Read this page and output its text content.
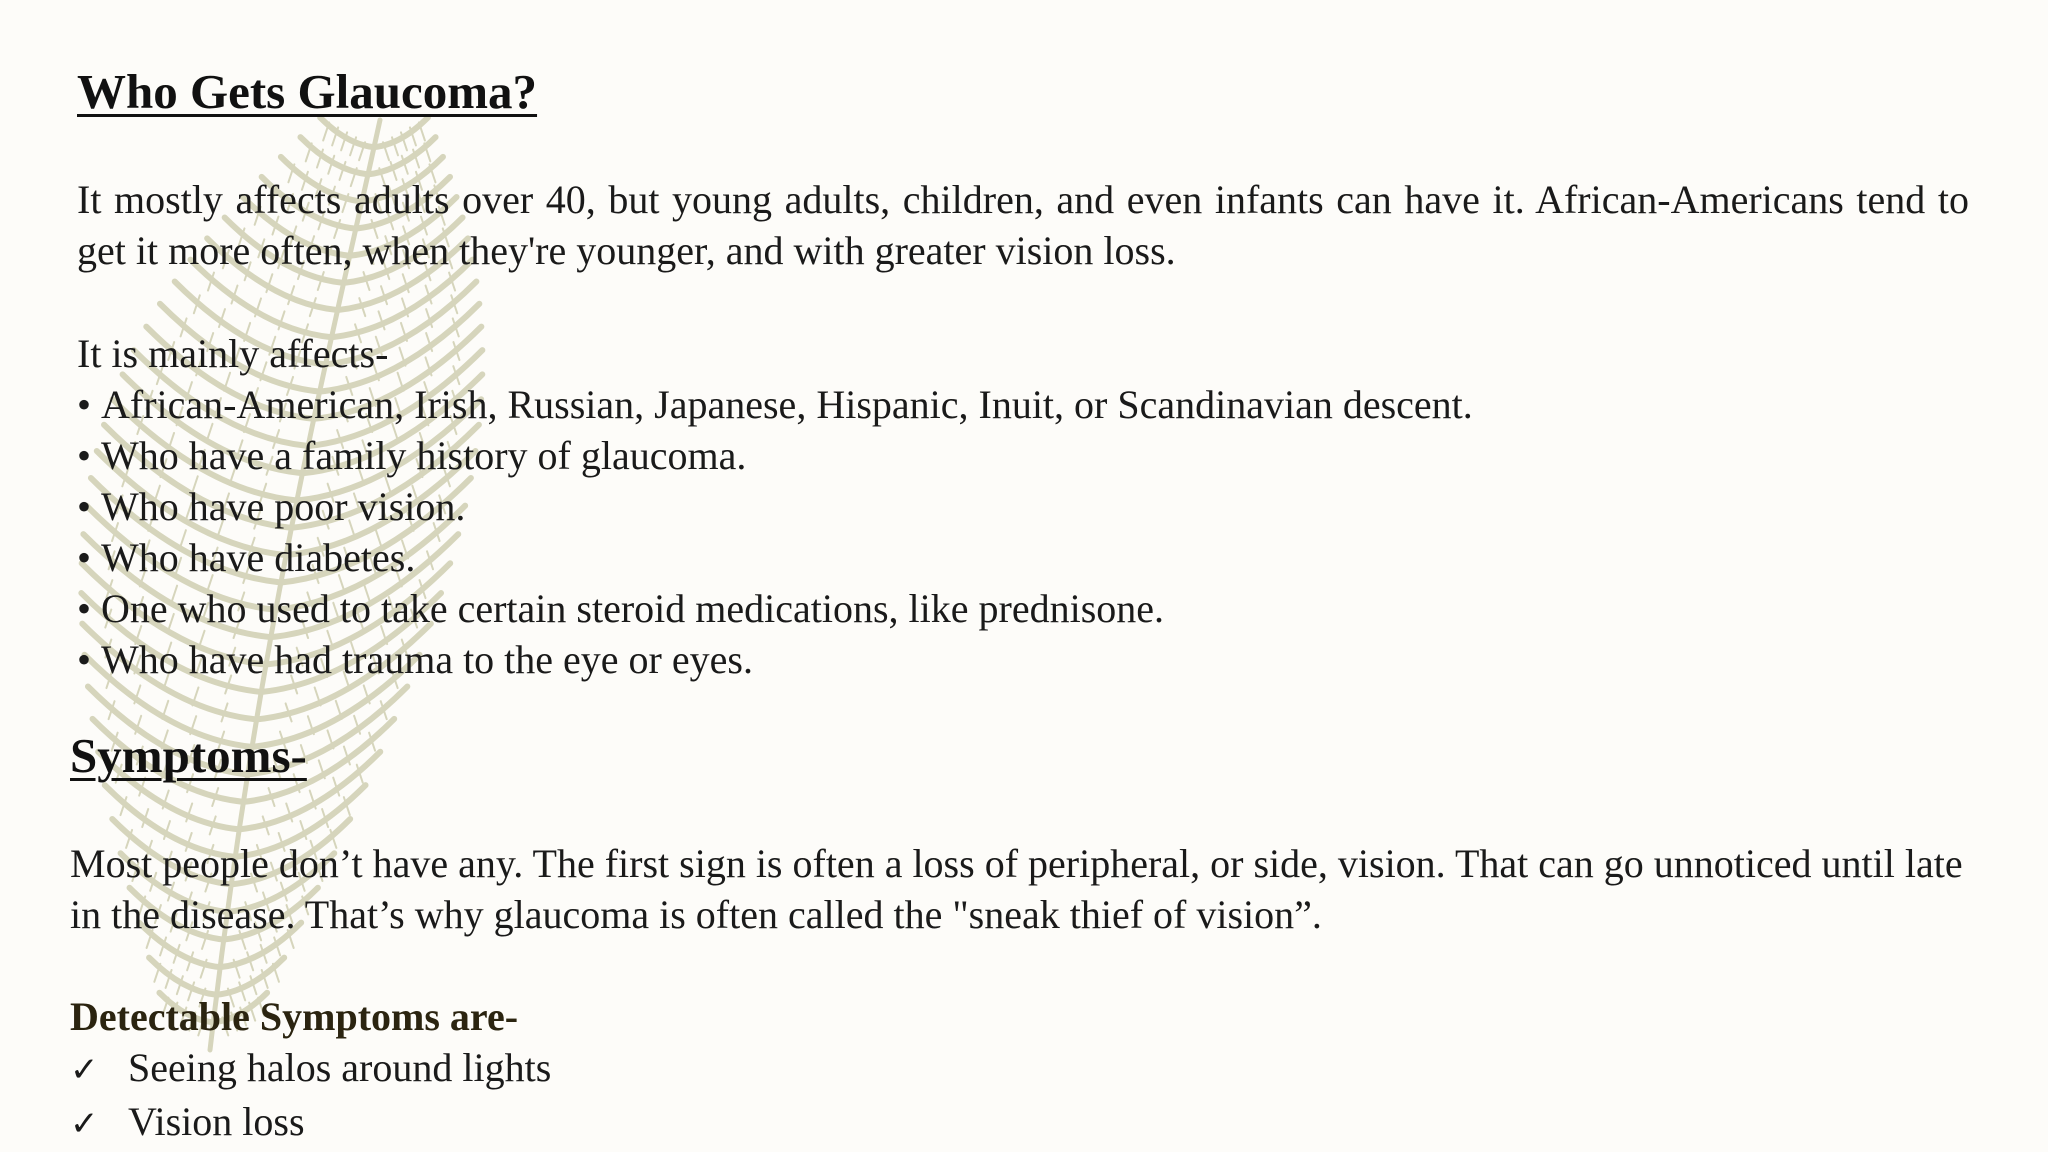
Who Gets Glaucoma?

It mostly affects adults over 40, but young adults, children, and even infants can have it. African-Americans tend to get it more often, when they're younger, and with greater vision loss.

It is mainly affects-

• African-American, Irish, Russian, Japanese, Hispanic, Inuit, or Scandinavian descent.
• Who have a family history of glaucoma.
• Who have poor vision.
• Who have diabetes.
• One who used to take certain steroid medications, like prednisone.
• Who have had trauma to the eye or eyes.
Symptoms-

Most people don’t have any. The first sign is often a loss of peripheral, or side, vision. That can go unnoticed until late in the disease. That’s why glaucoma is often called the "sneak thief of vision”.

Detectable Symptoms are-

✓ Seeing halos around lights
✓ Vision loss
